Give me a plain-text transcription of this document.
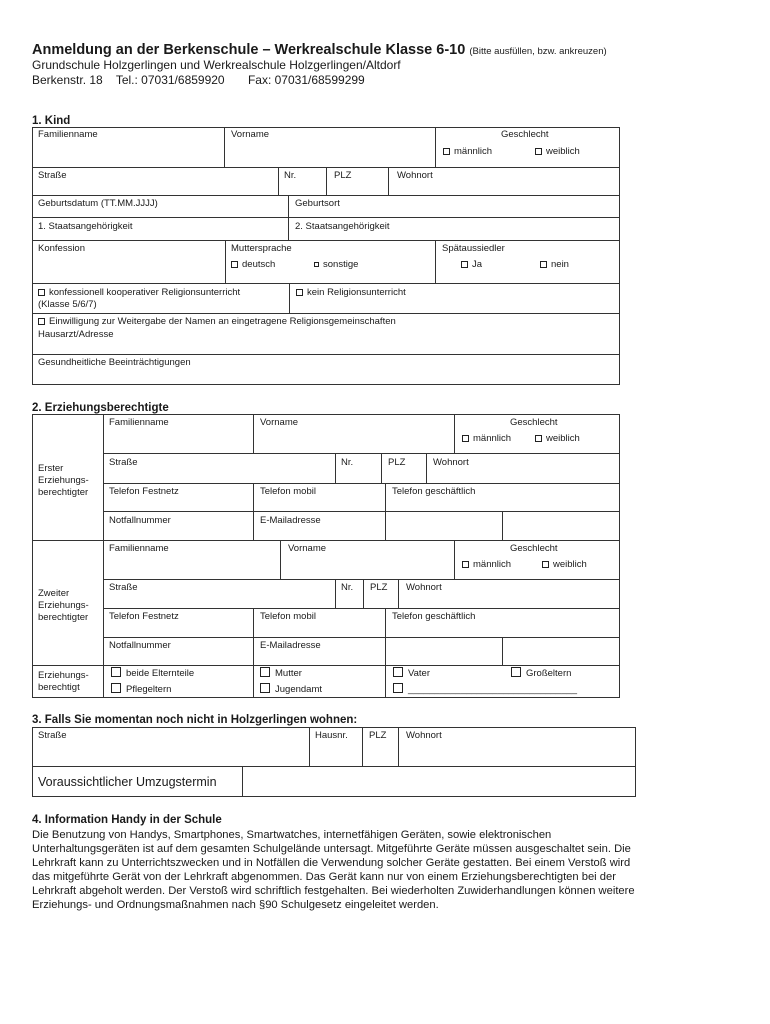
Anmeldung an der Berkenschule – Werkrealschule Klasse 6-10 (Bitte ausfüllen, bzw. ankreuzen)
Grundschule Holzgerlingen und Werkrealschule Holzgerlingen/Altdorf
Berkenstr. 18 Tel.: 07031/6859920 Fax: 07031/68599299
1. Kind
Familienname	Vorname	Geschlecht
männlich	weiblich
Straße	Nr.	PLZ	Wohnort
Geburtsdatum (TT.MM.JJJJ)	Geburtsort
1. Staatsangehörigkeit	2. Staatsangehörigkeit
Konfession	Muttersprache
deutsch	sonstige
Spätaussiedler
Ja	nein
konfessionell kooperativer Religionsunterricht
(Klasse 5/6/7)
kein Religionsunterricht
Einwilligung zur Weitergabe der Namen an eingetragene Religionsgemeinschaften
Hausarzt/Adresse
Gesundheitliche Beeinträchtigungen
2. Erziehungsberechtigte
Erster
Erziehungs-
berechtigter
Familienname	Vorname	Geschlecht
männlich	weiblich
Straße	Nr.	PLZ	Wohnort
Telefon Festnetz	Telefon mobil	Telefon geschäftlich
Notfallnummer	E-Mailadresse
Zweiter
Erziehungs-
berechtigter
Familienname	Vorname	Geschlecht
männlich	weiblich
Straße	Nr. PLZ Wohnort
Telefon Festnetz	Telefon mobil	Telefon geschäftlich
Notfallnummer	E-Mailadresse
Erziehungs-
berechtigt
beide Elternteile
Pflegeltern
Mutter
Jugendamt
Vater	Großeltern
________________________________
3. Falls Sie momentan noch nicht in Holzgerlingen wohnen:
Straße	Hausnr. PLZ Wohnort
Voraussichtlicher Umzugstermin
4. Information Handy in der Schule
Die Benutzung von Handys, Smartphones, Smartwatches, internetfähigen Geräten, sowie elektronischen
Unterhaltungsgeräten ist auf dem gesamten Schulgelände untersagt. Mitgeführte Geräte müssen ausgeschaltet sein. Die
Lehrkraft kann zu Unterrichtszwecken und in Notfällen die Verwendung solcher Geräte gestatten. Bei einem Verstoß wird
das mitgeführte Gerät von der Lehrkraft abgenommen. Das Gerät kann nur von einem Erziehungsberechtigten bei der
Lehrkraft abgeholt werden. Der Verstoß wird schriftlich festgehalten. Bei wiederholten Zuwiderhandlungen können weitere
Erziehungs- und Ordnungsmaßnahmen nach §90 Schulgesetz eingeleitet werden.
